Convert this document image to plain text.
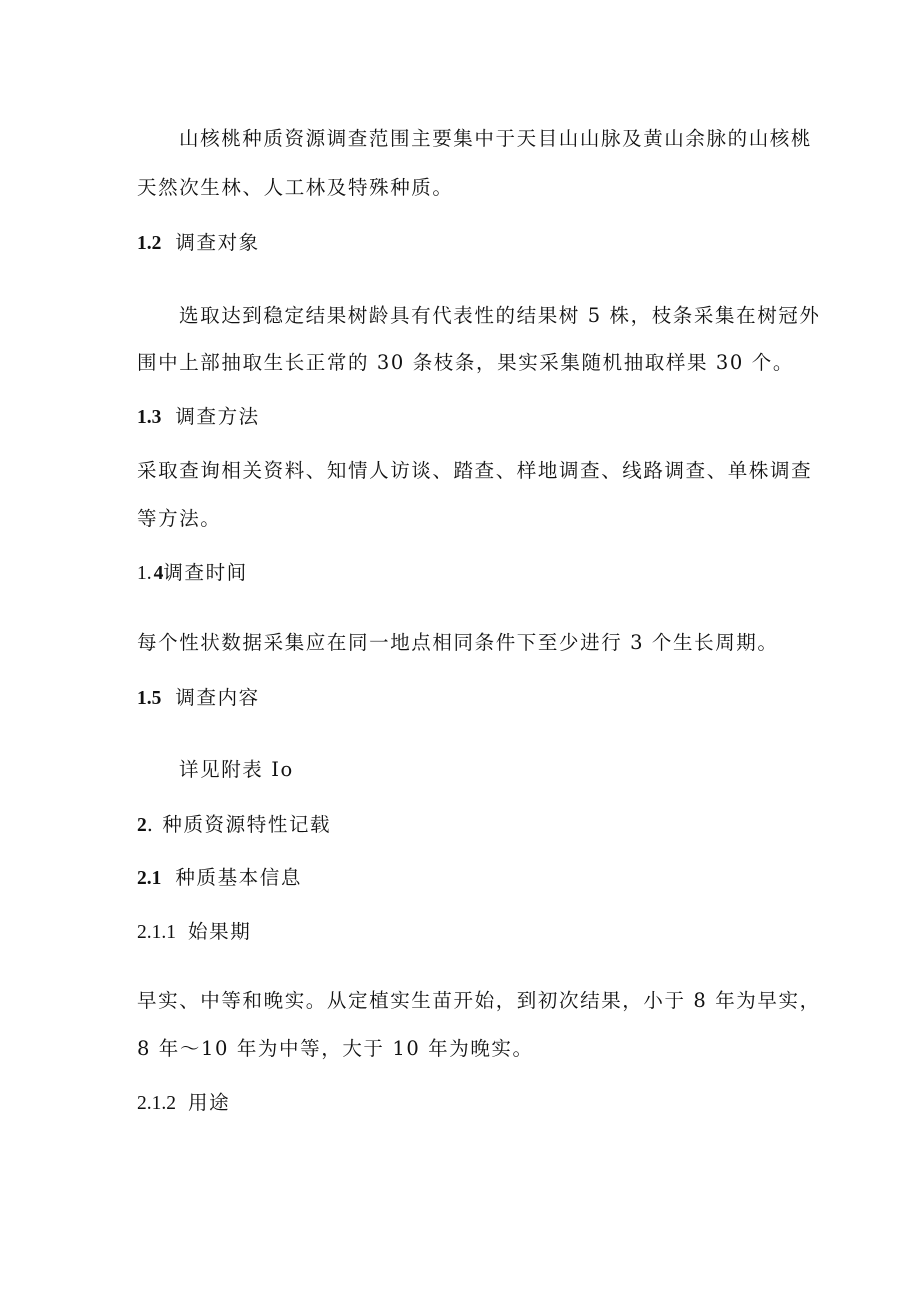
山核桃种质资源调查范围主要集中于天目山山脉及黄山余脉的山核桃
天然次生林、人工林及特殊种质。
1.2 调查对象
选取达到稳定结果树龄具有代表性的结果树 5 株，枝条采集在树冠外
围中上部抽取生长正常的 30 条枝条，果实采集随机抽取样果 30 个。
1.3 调查方法
采取查询相关资料、知情人访谈、踏查、样地调查、线路调查、单株调查
等方法。
1. 4调查时间
每个性状数据采集应在同一地点相同条件下至少进行 3 个生长周期。
1.5 调查内容
详见附表 Io
2. 种质资源特性记载
2.1 种质基本信息
2.1.1 始果期
早实、中等和晚实。从定植实生苗开始，到初次结果，小于 8 年为早实，
8 年～10 年为中等，大于 10 年为晚实。
2.1.2 用途
